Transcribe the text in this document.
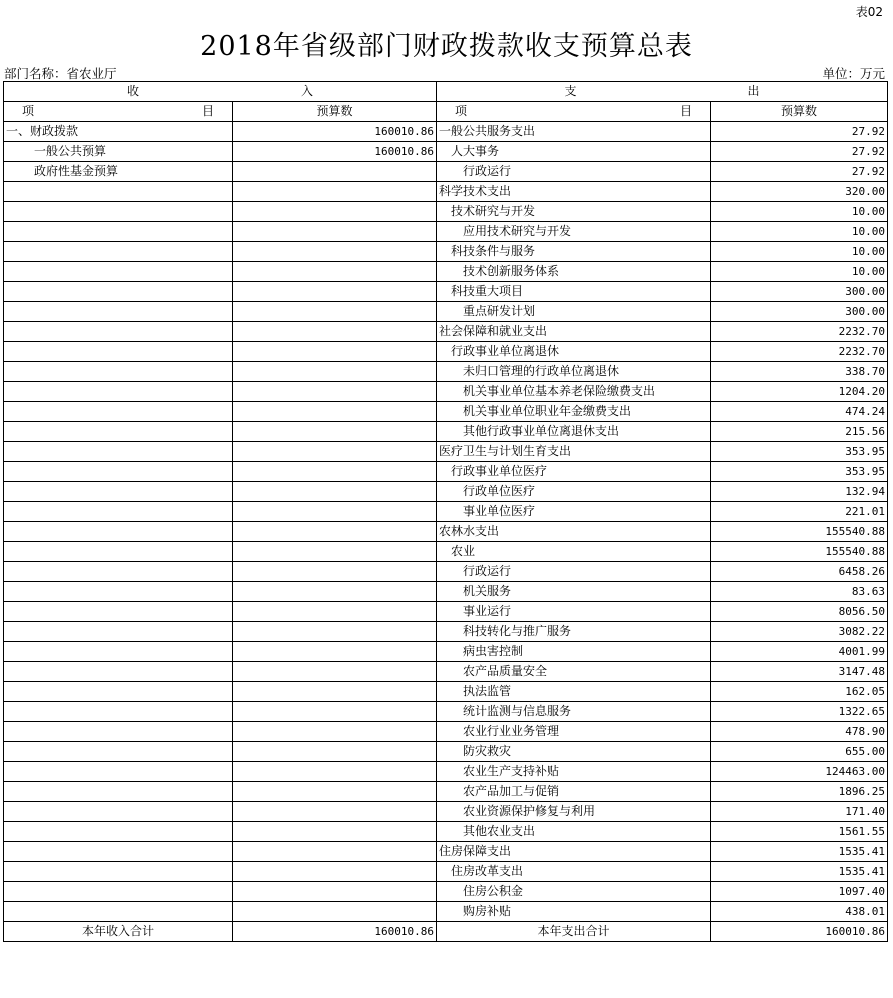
表02
2018年省级部门财政拨款收支预算总表
部门名称：省农业厅	单位：万元
收 入		支 出	

项 目	预算数	项 目	预算数
一、财政拨款	160010.86	一般公共服务支出	27.92
一般公共预算	160010.86	人大事务	27.92
政府性基金预算		行政运行	27.92
		科学技术支出	320.00
		技术研究与开发	10.00
		应用技术研究与开发	10.00
		科技条件与服务	10.00
		技术创新服务体系	10.00
		科技重大项目	300.00
		重点研发计划	300.00
		社会保障和就业支出	2232.70
		行政事业单位离退休	2232.70
		未归口管理的行政单位离退休	338.70
		机关事业单位基本养老保险缴费支出	1204.20
		机关事业单位职业年金缴费支出	474.24
		其他行政事业单位离退休支出	215.56
		医疗卫生与计划生育支出	353.95
		行政事业单位医疗	353.95
		行政单位医疗	132.94
		事业单位医疗	221.01
		农林水支出	155540.88
		农业	155540.88
		行政运行	6458.26
		机关服务	83.63
		事业运行	8056.50
		科技转化与推广服务	3082.22
		病虫害控制	4001.99
		农产品质量安全	3147.48
		执法监管	162.05
		统计监测与信息服务	1322.65
		农业行业业务管理	478.90
		防灾救灾	655.00
		农业生产支持补贴	124463.00
		农产品加工与促销	1896.25
		农业资源保护修复与利用	171.40
		其他农业支出	1561.55
		住房保障支出	1535.41
		住房改革支出	1535.41
		住房公积金	1097.40
		购房补贴	438.01
本年收入合计	160010.86	本年支出合计	160010.86
